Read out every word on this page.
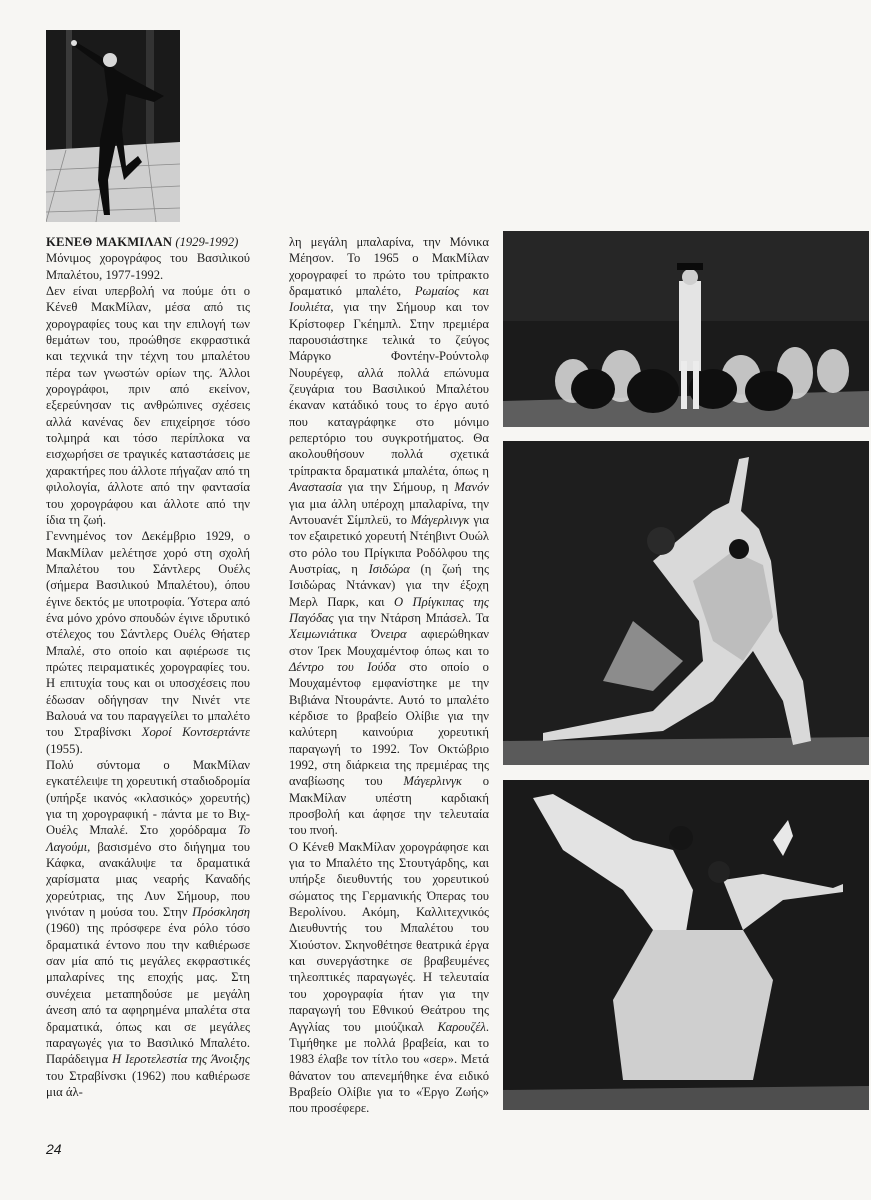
ΚΕΝΕΘ ΜΑΚΜΙΛΑΝ (1929-1992)

Μόνιμος χορογράφος του Βασιλικού Μπαλέτου, 1977-1992.

Δεν είναι υπερβολή να πούμε ότι ο Κένεθ ΜακΜίλαν, μέσα από τις χορογραφίες τους και την επιλογή των θεμάτων του, προώθησε εκφραστικά και τεχνικά την τέχνη του μπαλέτου πέρα των γνωστών ορίων της. Άλλοι χορογράφοι, πριν από εκείνον, εξερεύνησαν τις ανθρώπινες σχέσεις αλλά κανένας δεν επιχείρησε τόσο τολμηρά και τόσο περίπλοκα να εισχωρήσει σε τραγικές καταστάσεις με χαρακτήρες που άλλοτε πήγαζαν από τη φιλολογία, άλλοτε από την φαντασία του χορογράφου και άλλοτε από την ίδια τη ζωή.

Γεννημένος τον Δεκέμβριο 1929, ο ΜακΜίλαν μελέτησε χορό στη σχολή Μπαλέτου του Σάντλερς Ουέλς (σήμερα Βασιλικού Μπαλέτου), όπου έγινε δεκτός με υποτροφία. Ύστερα από ένα μόνο χρόνο σπουδών έγινε ιδρυτικό στέλεχος του Σάντλερς Ουέλς Θήατερ Μπαλέ, στο οποίο και αφιέρωσε τις πρώτες πειραματικές χορογραφίες του. Η επιτυχία τους και οι υποσχέσεις που έδωσαν οδήγησαν την Νινέτ ντε Βαλουά να του παραγγείλει το μπαλέτο του Στραβίνσκι Χοροί Κοντσερτάντε (1955).

Πολύ σύντομα ο ΜακΜίλαν εγκατέλειψε τη χορευτική σταδιοδρομία (υπήρξε ικανός «κλασικός» χορευτής) για τη χορογραφική - πάντα με το Βιχ-Ουέλς Μπαλέ. Στο χορόδραμα Το Λαγούμι, βασισμένο στο διήγημα του Κάφκα, ανακάλυψε τα δραματικά χαρίσματα μιας νεαρής Καναδής χορεύτριας, της Λυν Σήμουρ, που γινόταν η μούσα του. Στην Πρόσκληση (1960) της πρόσφερε ένα ρόλο τόσο δραματικά έντονο που την καθιέρωσε σαν μία από τις μεγάλες εκφραστικές μπαλαρίνες της εποχής μας. Στη συνέχεια μεταπηδούσε με μεγάλη άνεση από τα αφηρημένα μπαλέτα στα δραματικά, όπως και σε μεγάλες παραγωγές για το Βασιλικό Μπαλέτο. Παράδειγμα Η Ιεροτελεστία της Άνοιξης του Στραβίνσκι (1962) που καθιέρωσε μια άλ-

λη μεγάλη μπαλαρίνα, την Μόνικα Μέησον. Το 1965 ο ΜακΜίλαν χορογραφεί το πρώτο του τρίπρακτο δραματικό μπαλέτο, Ρωμαίος και Ιουλιέτα, για την Σήμουρ και τον Κρίστοφερ Γκέημπλ. Στην πρεμιέρα παρουσιάστηκε τελικά το ζεύγος Μάργκο Φοντέην-Ρούντολφ Νουρέγεφ, αλλά πολλά επώνυμα ζευγάρια του Βασιλικού Μπαλέτου έκαναν κατάδικό τους το έργο αυτό που καταγράφηκε στο μόνιμο ρεπερτόριο του συγκροτήματος. Θα ακολουθήσουν πολλά σχετικά τρίπρακτα δραματικά μπαλέτα, όπως η Αναστασία για την Σήμουρ, η Μανόν για μια άλλη υπέροχη μπαλαρίνα, την Αντουανέτ Σίμπλεϋ, το Μάγερλινγκ για τον εξαιρετικό χορευτή Ντέηβιντ Ουώλ στο ρόλο του Πρίγκιπα Ροδόλφου της Αυστρίας, η Ισιδώρα (η ζωή της Ισιδώρας Ντάνκαν) για την έξοχη Μερλ Παρκ, και Ο Πρίγκιπας της Παγόδας για την Ντάρση Μπάσελ. Τα Χειμωνιάτικα Όνειρα αφιερώθηκαν στον Ίρεκ Μουχαμέντοφ όπως και το Δέντρο του Ιούδα στο οποίο ο Μουχαμέντοφ εμφανίστηκε με την Βιβιάνα Ντουράντε. Αυτό το μπαλέτο κέρδισε το βραβείο Ολίβιε για την καλύτερη καινούρια χορευτική παραγωγή το 1992. Τον Οκτώβριο 1992, στη διάρκεια της πρεμιέρας της αναβίωσης του Μάγερλινγκ ο ΜακΜίλαν υπέστη καρδιακή προσβολή και άφησε την τελευταία του πνοή.

Ο Κένεθ ΜακΜίλαν χορογράφησε και για το Μπαλέτο της Στουτγάρδης, και υπήρξε διευθυντής του χορευτικού σώματος της Γερμανικής Όπερας του Βερολίνου. Ακόμη, Καλλιτεχνικός Διευθυντής του Μπαλέτου του Χιούστον. Σκηνοθέτησε θεατρικά έργα και συνεργάστηκε σε βραβευμένες τηλεοπτικές παραγωγές. Η τελευταία του χορογραφία ήταν για την παραγωγή του Εθνικού Θεάτρου της Αγγλίας του μιούζικαλ Καρουζέλ. Τιμήθηκε με πολλά βραβεία, και το 1983 έλαβε τον τίτλο του «σερ». Μετά θάνατον του απενεμήθηκε ένα ειδικό Βραβείο Ολίβιε για το «Έργο Ζωής» που προσέφερε.

24
